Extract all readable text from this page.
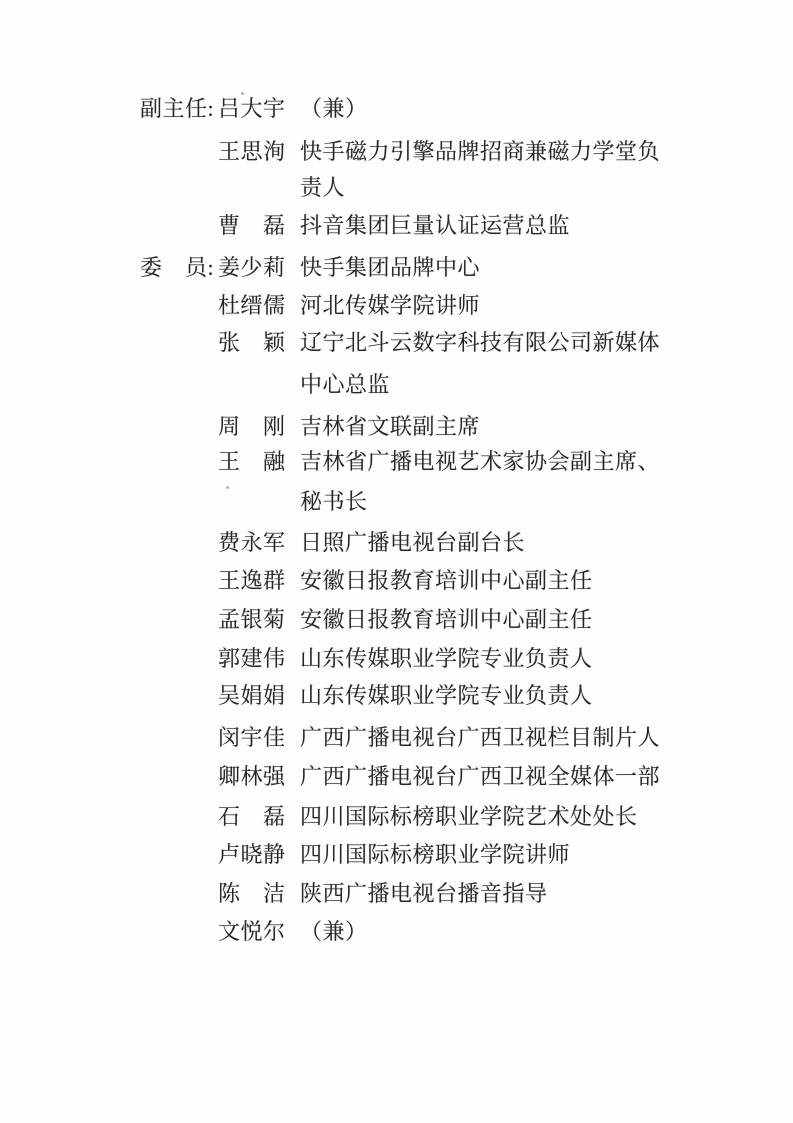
副主任: 吕大宇 （兼）
王思洵 快手磁力引擎品牌招商兼磁力学堂负
责人
曹　磊 抖音集团巨量认证运营总监
委　员: 姜少莉 快手集团品牌中心
杜缙儒 河北传媒学院讲师
张　颖 辽宁北斗云数字科技有限公司新媒体
中心总监
周　刚 吉林省文联副主席
王　融 吉林省广播电视艺术家协会副主席、
秘书长
费永军 日照广播电视台副台长
王逸群 安徽日报教育培训中心副主任
孟银菊 安徽日报教育培训中心副主任
郭建伟 山东传媒职业学院专业负责人
吴娟娟 山东传媒职业学院专业负责人
闵宇佳 广西广播电视台广西卫视栏目制片人
卿林强 广西广播电视台广西卫视全媒体一部
石　磊 四川国际标榜职业学院艺术处处长
卢晓静 四川国际标榜职业学院讲师
陈　洁 陕西广播电视台播音指导
文悦尔 （兼）
